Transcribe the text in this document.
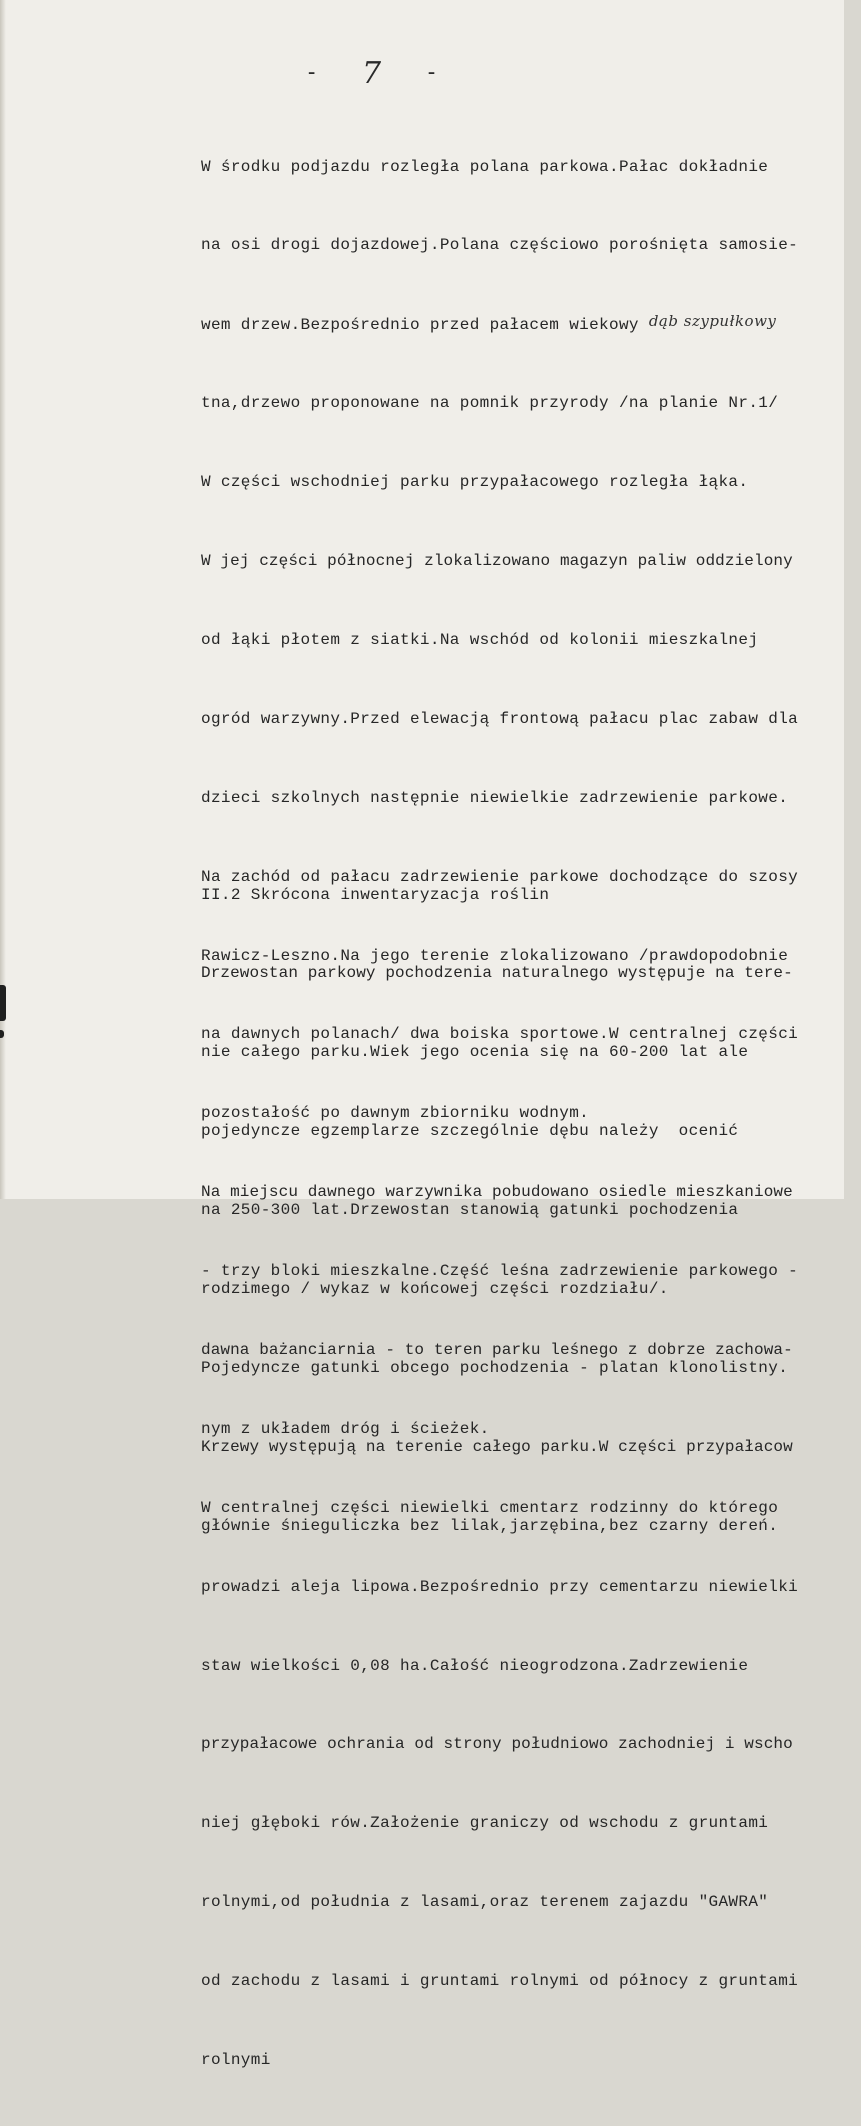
- 7 -

W środku podjazdu rozległa polana parkowa.Pałac dokładnie

na osi drogi dojazdowej.Polana częściowo porośnięta samosie-

wem drzew.Bezpośrednio przed pałacem wiekowy dąb szypułkowy

tna,drzewo proponowane na pomnik przyrody /na planie Nr.1/

W części wschodniej parku przypałacowego rozległa łąka.

W jej części północnej zlokalizowano magazyn paliw oddzielony

od łąki płotem z siatki.Na wschód od kolonii mieszkalnej

ogród warzywny.Przed elewacją frontową pałacu plac zabaw dla

dzieci szkolnych następnie niewielkie zadrzewienie parkowe.

Na zachód od pałacu zadrzewienie parkowe dochodzące do szosy

Rawicz-Leszno.Na jego terenie zlokalizowano /prawdopodobnie

na dawnych polanach/ dwa boiska sportowe.W centralnej części

pozostałość po dawnym zbiorniku wodnym.

Na miejscu dawnego warzywnika pobudowano osiedle mieszkaniowe

- trzy bloki mieszkalne.Część leśna zadrzewienie parkowego -

dawna bażanciarnia - to teren parku leśnego z dobrze zachowa-

nym z układem dróg i ścieżek.

W centralnej części niewielki cmentarz rodzinny do którego

prowadzi aleja lipowa.Bezpośrednio przy cementarzu niewielki

staw wielkości 0,08 ha.Całość nieogrodzona.Zadrzewienie

przypałacowe ochrania od strony południowo zachodniej i wscho

niej głęboki rów.Założenie graniczy od wschodu z gruntami

rolnymi,od południa z lasami,oraz terenem zajazdu "GAWRA"

od zachodu z lasami i gruntami rolnymi od północy z gruntami

rolnymi

II.2 Skrócona inwentaryzacja roślin

Drzewostan parkowy pochodzenia naturalnego występuje na tere-

nie całego parku.Wiek jego ocenia się na 60-200 lat ale

pojedyncze egzemplarze szczególnie dębu należy  ocenić

na 250-300 lat.Drzewostan stanowią gatunki pochodzenia

rodzimego / wykaz w końcowej części rozdziału/.

Pojedyncze gatunki obcego pochodzenia - platan klonolistny.

Krzewy występują na terenie całego parku.W części przypałacow

głównie śnieguliczka bez lilak,jarzębina,bez czarny dereń.
